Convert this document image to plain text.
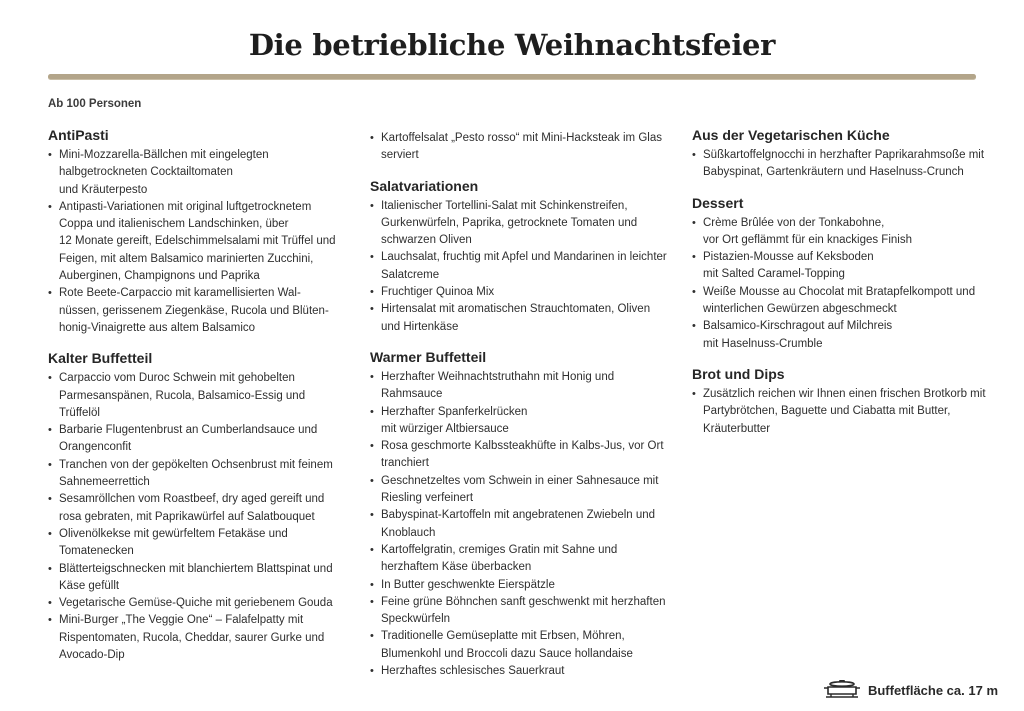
Die betriebliche Weihnachtsfeier
Ab 100 Personen
AntiPasti
• Mini-Mozzarella-Bällchen mit eingelegten
halbgetrockneten Cocktailtomaten
und Kräuterpesto
• Antipasti-Variationen mit original luftgetrocknetem Coppa und italienischem Landschinken, über
12 Monate gereift, Edelschimmelsalami mit Trüffel und Feigen, mit altem Balsamico marinierten Zucchini, Auberginen, Champignons und Paprika
• Rote Beete-Carpaccio mit karamellisierten Wal-
nüssen, gerissenem Ziegenkäse, Rucola und Blüten-
honig-Vinaigrette aus altem Balsamico
Kalter Buffetteil
• Carpaccio vom Duroc Schwein mit gehobelten Parmesanspänen, Rucola, Balsamico-Essig und Trüffelöl
• Barbarie Flugentenbrust an Cumberlandsauce und Orangenconfit
• Tranchen von der gepökelten Ochsenbrust mit feinem Sahnemeerrettich
• Sesamröllchen vom Roastbeef, dry aged gereift und rosa gebraten, mit Paprikawürfel auf Salatbouquet
• Olivenölkekse mit gewürfeltem Fetakäse und Tomatenecken
• Blätterteigschnecken mit blanchiertem Blattspinat und Käse gefüllt
• Vegetarische Gemüse-Quiche mit geriebenem Gouda
• Mini-Burger „The Veggie One“ – Falafelpatty mit Rispentomaten, Rucola, Cheddar, saurer Gurke und Avocado-Dip
• Kartoffelsalat „Pesto rosso“ mit Mini-Hacksteak im Glas serviert
Salatvariationen
• Italienischer Tortellini-Salat mit Schinkenstreifen, Gurkenwürfeln, Paprika, getrocknete Tomaten und schwarzen Oliven
• Lauchsalat, fruchtig mit Apfel und Mandarinen in leichter Salatcreme
• Fruchtiger Quinoa Mix
• Hirtensalat mit aromatischen Strauchtomaten, Oliven und Hirtenkäse
Warmer Buffetteil
• Herzhafter Weihnachtstruthahn mit Honig und Rahmsauce
• Herzhafter Spanferkelrücken
mit würziger Altbiersauce
• Rosa geschmorte Kalbssteakhüfte in Kalbs-Jus, vor Ort tranchiert
• Geschnetzeltes vom Schwein in einer Sahnesauce mit Riesling verfeinert
• Babyspinat-Kartoffeln mit angebratenen Zwiebeln und Knoblauch
• Kartoffelgratin, cremiges Gratin mit Sahne und herzhaftem Käse überbacken
• In Butter geschwenkte Eierspätzle
• Feine grüne Böhnchen sanft geschwenkt mit herzhaften Speckwürfeln
• Traditionelle Gemüseplatte mit Erbsen, Möhren, Blumenkohl und Broccoli dazu Sauce hollandaise
• Herzhaftes schlesisches Sauerkraut
Aus der Vegetarischen Küche
• Süßkartoffelgnocchi in herzhafter Paprikarahmsoße mit Babyspinat, Gartenkräutern und Haselnuss-Crunch
Dessert
• Crème Brûlée von der Tonkabohne,
vor Ort geflämmt für ein knackiges Finish
• Pistazien-Mousse auf Keksboden
mit Salted Caramel-Topping
• Weiße Mousse au Chocolat mit Bratapfelkompott und winterlichen Gewürzen abgeschmeckt
• Balsamico-Kirschragout auf Milchreis
mit Haselnuss-Crumble
Brot und Dips
• Zusätzlich reichen wir Ihnen einen frischen Brotkorb mit Partybrötchen, Baguette und Ciabatta mit Butter, Kräuterbutter
Buffetfläche ca. 17 m
